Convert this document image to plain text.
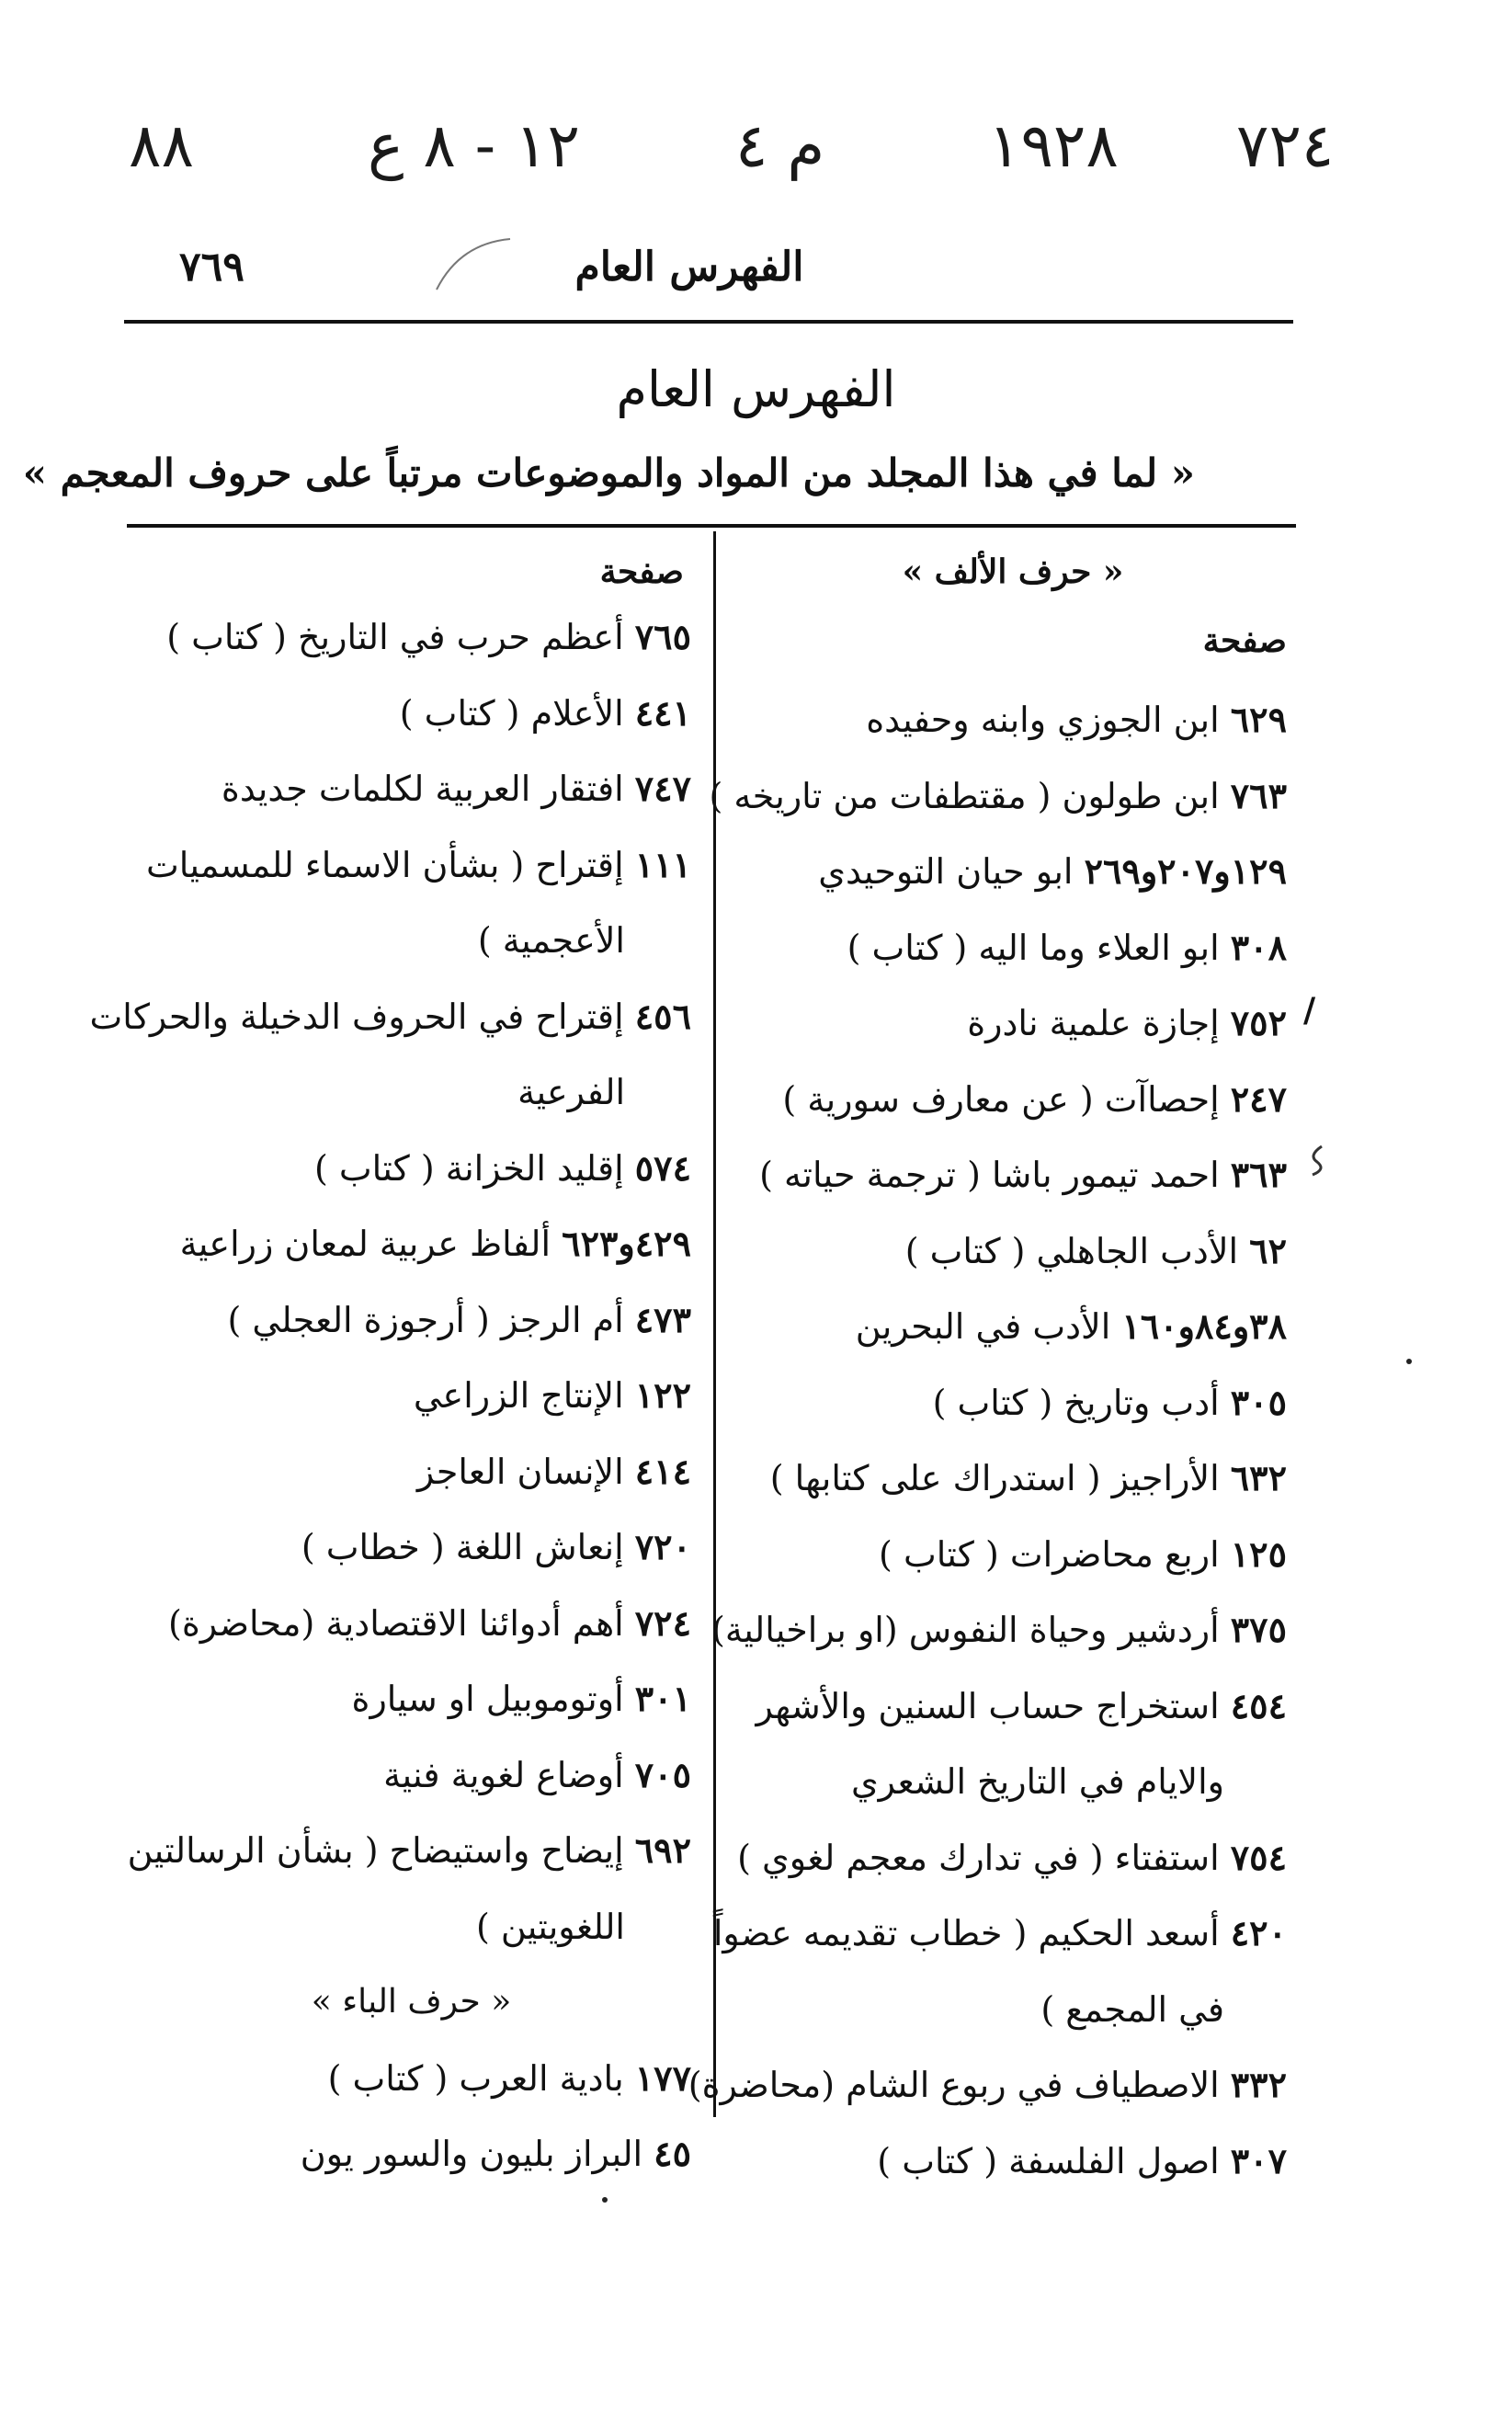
٨٨	١٢ - ٨ ع	م ٤	١٩٢٨ ٧٢٤
الفهرس العام
٧٦٩
الفهرس العام
« لما في هذا المجلد من المواد والموضوعات مرتباً على حروف المعجم »
« حرف الألف »
صفحة
٦٢٩ ابن الجوزي وابنه وحفيده
٧٦٣ ابن طولون ( مقتطفات من تاريخه )
١٢٩و٢٠٧و٢٦٩ ابو حيان التوحيدي
٣٠٨ ابو العلاء وما اليه ( كتاب )
٧٥٢ إجازة علمية نادرة
٢٤٧ إحصاآت ( عن معارف سورية )
٣٦٣ احمد تيمور باشا ( ترجمة حياته )
٦٢ الأدب الجاهلي ( كتاب )
٣٨و٨٤و١٦٠ الأدب في البحرين
٣٠٥ أدب وتاريخ ( كتاب )
٦٣٢ الأراجيز ( استدراك على كتابها )
١٢٥ اربع محاضرات ( كتاب )
٣٧٥ أردشير وحياة النفوس (او براخيالية)
٤٥٤ استخراج حساب السنين والأشهر
والايام في التاريخ الشعري
٧٥٤ استفتاء ( في تدارك معجم لغوي )
٤٢٠ أسعد الحكيم ( خطاب تقديمه عضواً
في المجمع )
٣٣٢ الاصطياف في ربوع الشام (محاضرة)
٣٠٧ اصول الفلسفة ( كتاب )
صفحة
٧٦٥ أعظم حرب في التاريخ ( كتاب )
٤٤١ الأعلام ( كتاب )
٧٤٧ افتقار العربية لكلمات جديدة
١١١ إقتراح ( بشأن الاسماء للمسميات
الأعجمية )
٤٥٦ إقتراح في الحروف الدخيلة والحركات
الفرعية
٥٧٤ إقليد الخزانة ( كتاب )
٤٢٩و٦٢٣ ألفاظ عربية لمعان زراعية
٤٧٣ أم الرجز ( أرجوزة العجلي )
١٢٢ الإنتاج الزراعي
٤١٤ الإنسان العاجز
٧٢٠ إنعاش اللغة ( خطاب )
٧٢٤ أهم أدوائنا الاقتصادية (محاضرة)
٣٠١ أوتوموبيل او سيارة
٧٠٥ أوضاع لغوية فنية
٦٩٢ إيضاح واستيضاح ( بشأن الرسالتين
اللغويتين )
« حرف الباء »
١٧٧ بادية العرب ( كتاب )
٤٥ البراز بليون والسور يون
/
